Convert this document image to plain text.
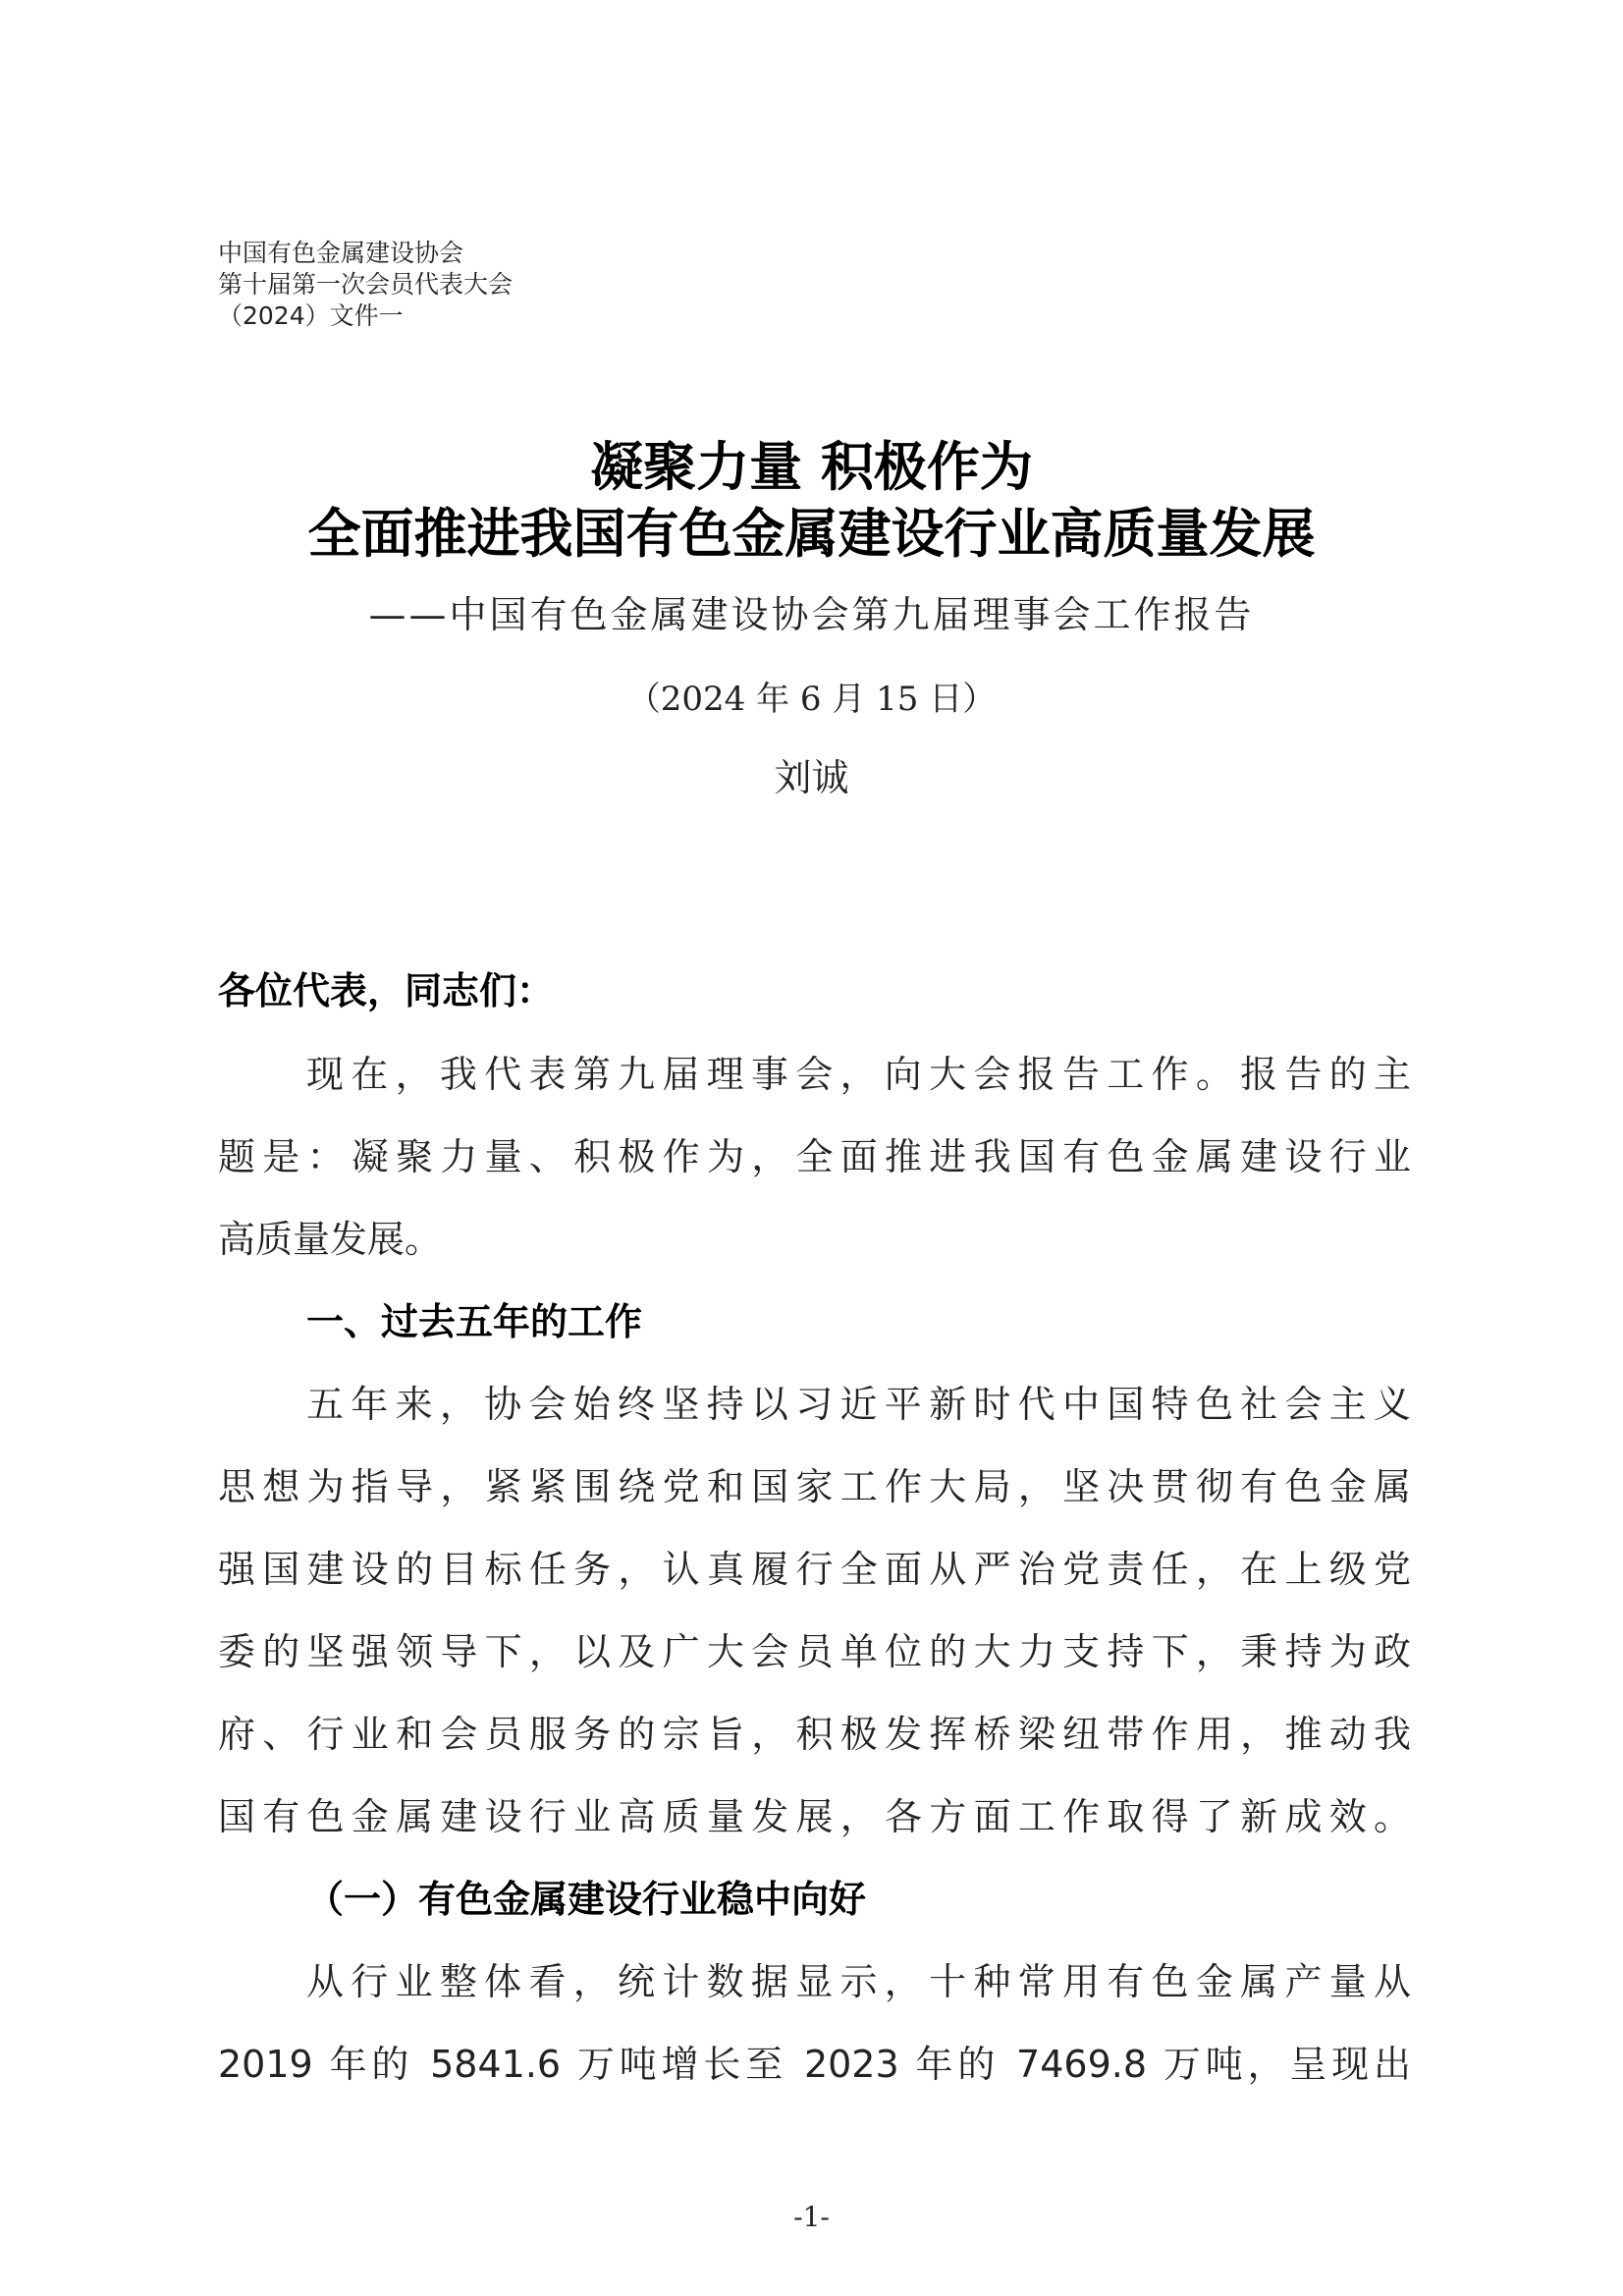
中国有色金属建设协会
第十届第一次会员代表大会
（2024）文件一
凝聚力量 积极作为
全面推进我国有色金属建设行业高质量发展
——中国有色金属建设协会第九届理事会工作报告
（2024 年 6 月 15 日）
刘诚
各位代表，同志们：
现在，我代表第九届理事会，向大会报告工作。报告的主
题是：凝聚力量、积极作为，全面推进我国有色金属建设行业
高质量发展。
一、过去五年的工作
五年来，协会始终坚持以习近平新时代中国特色社会主义
思想为指导，紧紧围绕党和国家工作大局，坚决贯彻有色金属
强国建设的目标任务，认真履行全面从严治党责任，在上级党
委的坚强领导下，以及广大会员单位的大力支持下，秉持为政
府、行业和会员服务的宗旨，积极发挥桥梁纽带作用，推动我
国有色金属建设行业高质量发展，各方面工作取得了新成效。
（一）有色金属建设行业稳中向好
从行业整体看，统计数据显示，十种常用有色金属产量从
2019 年的 5841.6 万吨增长至 2023 年的 7469.8 万吨，呈现出
-1-
